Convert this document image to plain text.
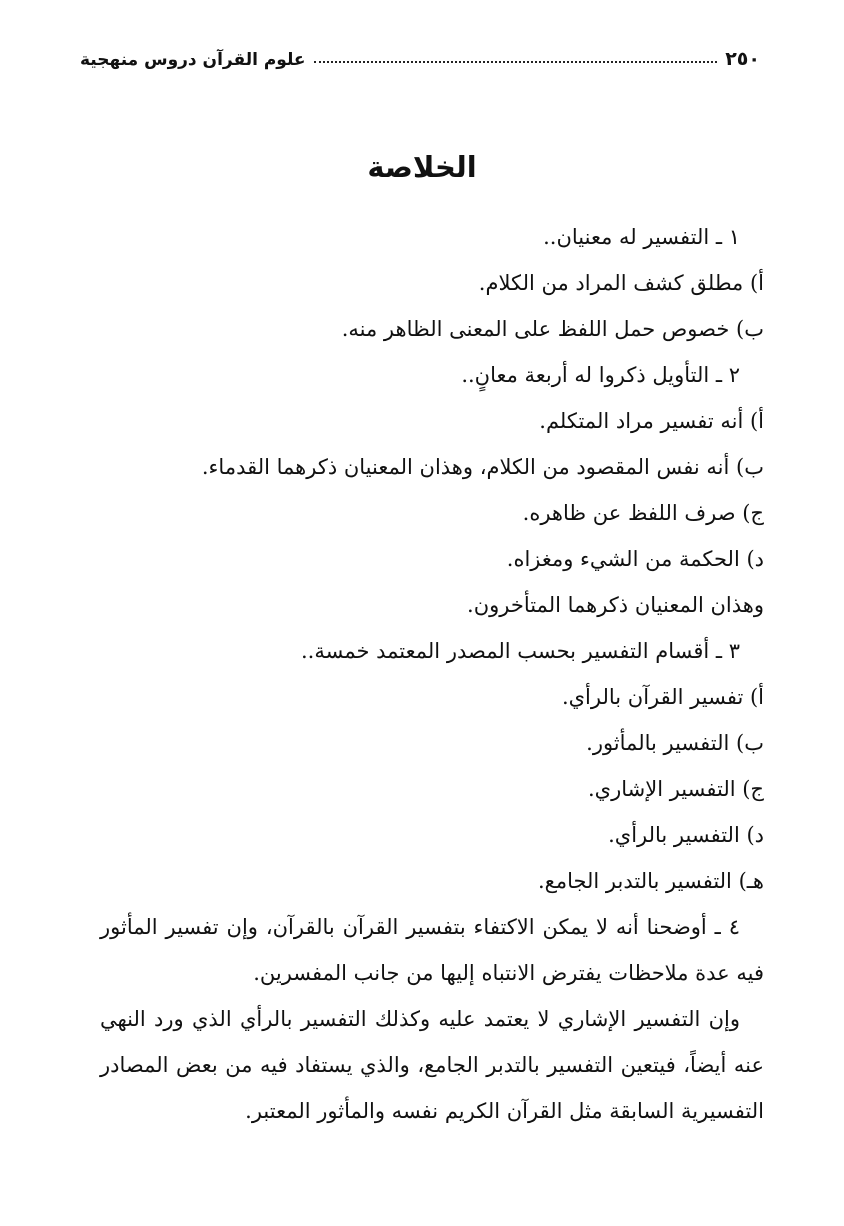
٢٥٠
علوم القرآن دروس منهجية
الخلاصة
١ ـ التفسير له معنيان..
أ) مطلق كشف المراد من الكلام.
ب) خصوص حمل اللفظ على المعنى الظاهر منه.
٢ ـ التأويل ذكروا له أربعة معانٍ..
أ) أنه تفسير مراد المتكلم.
ب) أنه نفس المقصود من الكلام، وهذان المعنيان ذكرهما القدماء.
ج) صرف اللفظ عن ظاهره.
د) الحكمة من الشيء ومغزاه.
وهذان المعنيان ذكرهما المتأخرون.
٣ ـ أقسام التفسير بحسب المصدر المعتمد خمسة..
أ) تفسير القرآن بالرأي.
ب) التفسير بالمأثور.
ج) التفسير الإشاري.
د) التفسير بالرأي.
هـ) التفسير بالتدبر الجامع.
٤ ـ أوضحنا أنه لا يمكن الاكتفاء بتفسير القرآن بالقرآن، وإن تفسير المأثور فيه عدة ملاحظات يفترض الانتباه إليها من جانب المفسرين.
وإن التفسير الإشاري لا يعتمد عليه وكذلك التفسير بالرأي الذي ورد النهي عنه أيضاً، فيتعين التفسير بالتدبر الجامع، والذي يستفاد فيه من بعض المصادر التفسيرية السابقة مثل القرآن الكريم نفسه والمأثور المعتبر.
